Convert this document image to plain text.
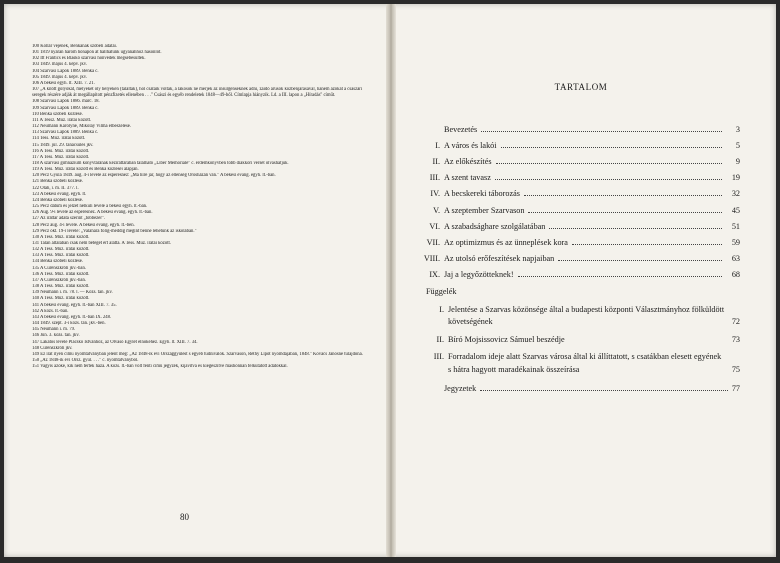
100 Kollár vejének, Benkának szóbeli adatai.
101 1819 nyarán három hónapon át hallhatunk ugyanahhoz hasonlót.
102 Itt Frantics és Blaskó szarvasi honvédek megsebesültek.
103 1849. május 4. képv. jkv.
104 Szarvasi Lapok 1889. Benka c.
105 1849. május 4. képv. jkv.
106 A békési egyh. lt. XIII. 7. 21.
107 „A kilőtt golyókat, melyeket oly helyeken (találtak), hol csatáik voltak, a lakosok ne merjék az insurgenseknek adni, zaidó árusok közbenjárásával, hanem azokat a császári seregek részére adják át megállapított pénzfizetés ellenében . . ." Császi és egyéb rendeletek 1848—49-ből. Címlapja hiányzik. Ld. a III. lapon a „Híradás" címűt.
108 Szarvasi Lapok 1886. márc. 18.
109 Szarvasi Lapok 1889. Benka c.
110 Benka szóbeli közlése.
111 A Tessz. Múz. iratai között.
112 Neumann Károlyné, Mikolay Vilma elbeszélése.
113 Szarvasi Lapok 1889. Benka c.
114 Tess. Múz. iratai között.
115 1849. júl. 29. tanácsülés jkv.
116 A Tess. Múz. iratai között.
117 A Tess. Múz. iratai között.
118 A szarvasi gimnázium könyvtárának kézirattárában található „Liber Memoriale" c. érdemkönyvben több diákkori versét olvashatjuk.
119 A Tess. Múz. iratai között és Benka közlései alapján.
120 Pecz Gyula 1849. aug. 4-i levele az esperesnez: „Ma hire jár, hogy az ellenség Orosházán van." A békési evang. egyh. lt.-ban.
121 Benka szóbeli közlése.
122 Oláh, i. m. II. 377. l.
123 A békési evang. egyh. lt.
124 Benka szóbeli közlése.
125 Pecz dátum és jelzet nélküli levele a békési egyh. lt.-ban.
126 Aug. 9-i levele az esperesnez. A békési evang. egyh. lt.-ban.
127 Az irattár adata szerint „többezer".
128 Pecz aug. 4-i levele. A békési evang. egyh. lt.-ben.
129 Pecz okt. 19-i levele: „Valahára fölig-meddig megint benne lehetünk az iskolában."
130 A Tess. Múz. iratai között.
131 Talán általában csak nem beteget ért alatta. A Tess. Múz. iratai között.
132 A Tess. Múz. iratai között.
133 A Tess. Múz. iratai között.
134 Benka szóbeli közlése.
135 A Curenszkrőli jkv.-ban.
136 A Tess. Múz. iratai között.
137 A Curenszkrőli jkv.-ban.
138 A Tess. Múz. iratai között.
139 Neumann i. m. 78. l. — Közs. tan. jkv.
140 A Tess. Múz. iratai között.
141 A békési evang. egyh. lt.-ban XIII. 7. 35.
142 A közs. lt.-ban.
143 A békési evang. egyh. lt.-ban IX. 248.
144 1849. szept. 3-i közs. tan. jkv.-ben.
145 Neumann i. m. 79.
146 Jún. 3. közs. tan. jkv.
147 Lakatos levele Placskó Istvánhoz, az Olvasó Egylet elnökéhez. Egyh. lt. XIII. 7. 34.
148 Curenszkrőli jkv.
149 Ez írat ilyen címü nyomtatványban jelent meg: „Az 1848-ik évi Országgyűlést s egyéb tudnivalók. Szarvason, Réthy Lipót nyomdájában, 1848." Kovács Jánosné tulajdona.
150 „Az 1848-ik évi Orsz. gyűl. . . ." c. nyomtatványból.
151 Vagyis azoké, kik nem tértek haza. A közs. lt.-ban volt fenti című jegyzék, kijavítva és kiegészítve máshonnan felkutatott adatokkal.
80
TARTALOM
Bevezetés	3
I. A város és lakói	5
II. Az előkészítés	9
III. A szent tavasz	19
IV. A becskereki táborozás	32
V. A szeptember Szarvason	45
VI. A szabadsághare szolgálatában	51
VII. Az optimizmus és az ünneplések kora	59
VIII. Az utolsó erőfeszítések napjaiban	63
IX. Jaj a legyőzötteknek!	68
Függelék
I. Jelentése a Szarvas közönsége által a budapesti központi Választmányhoz fölküldött követségének	72
II. Bíró Mojsissovicz Sámuel beszédje	73
III. Forradalom ideje alatt Szarvas városa által ki állíttatott, s csatákban elesett egyének s hátra hagyott maradékainak összeírása	75
Jegyzetek	77
